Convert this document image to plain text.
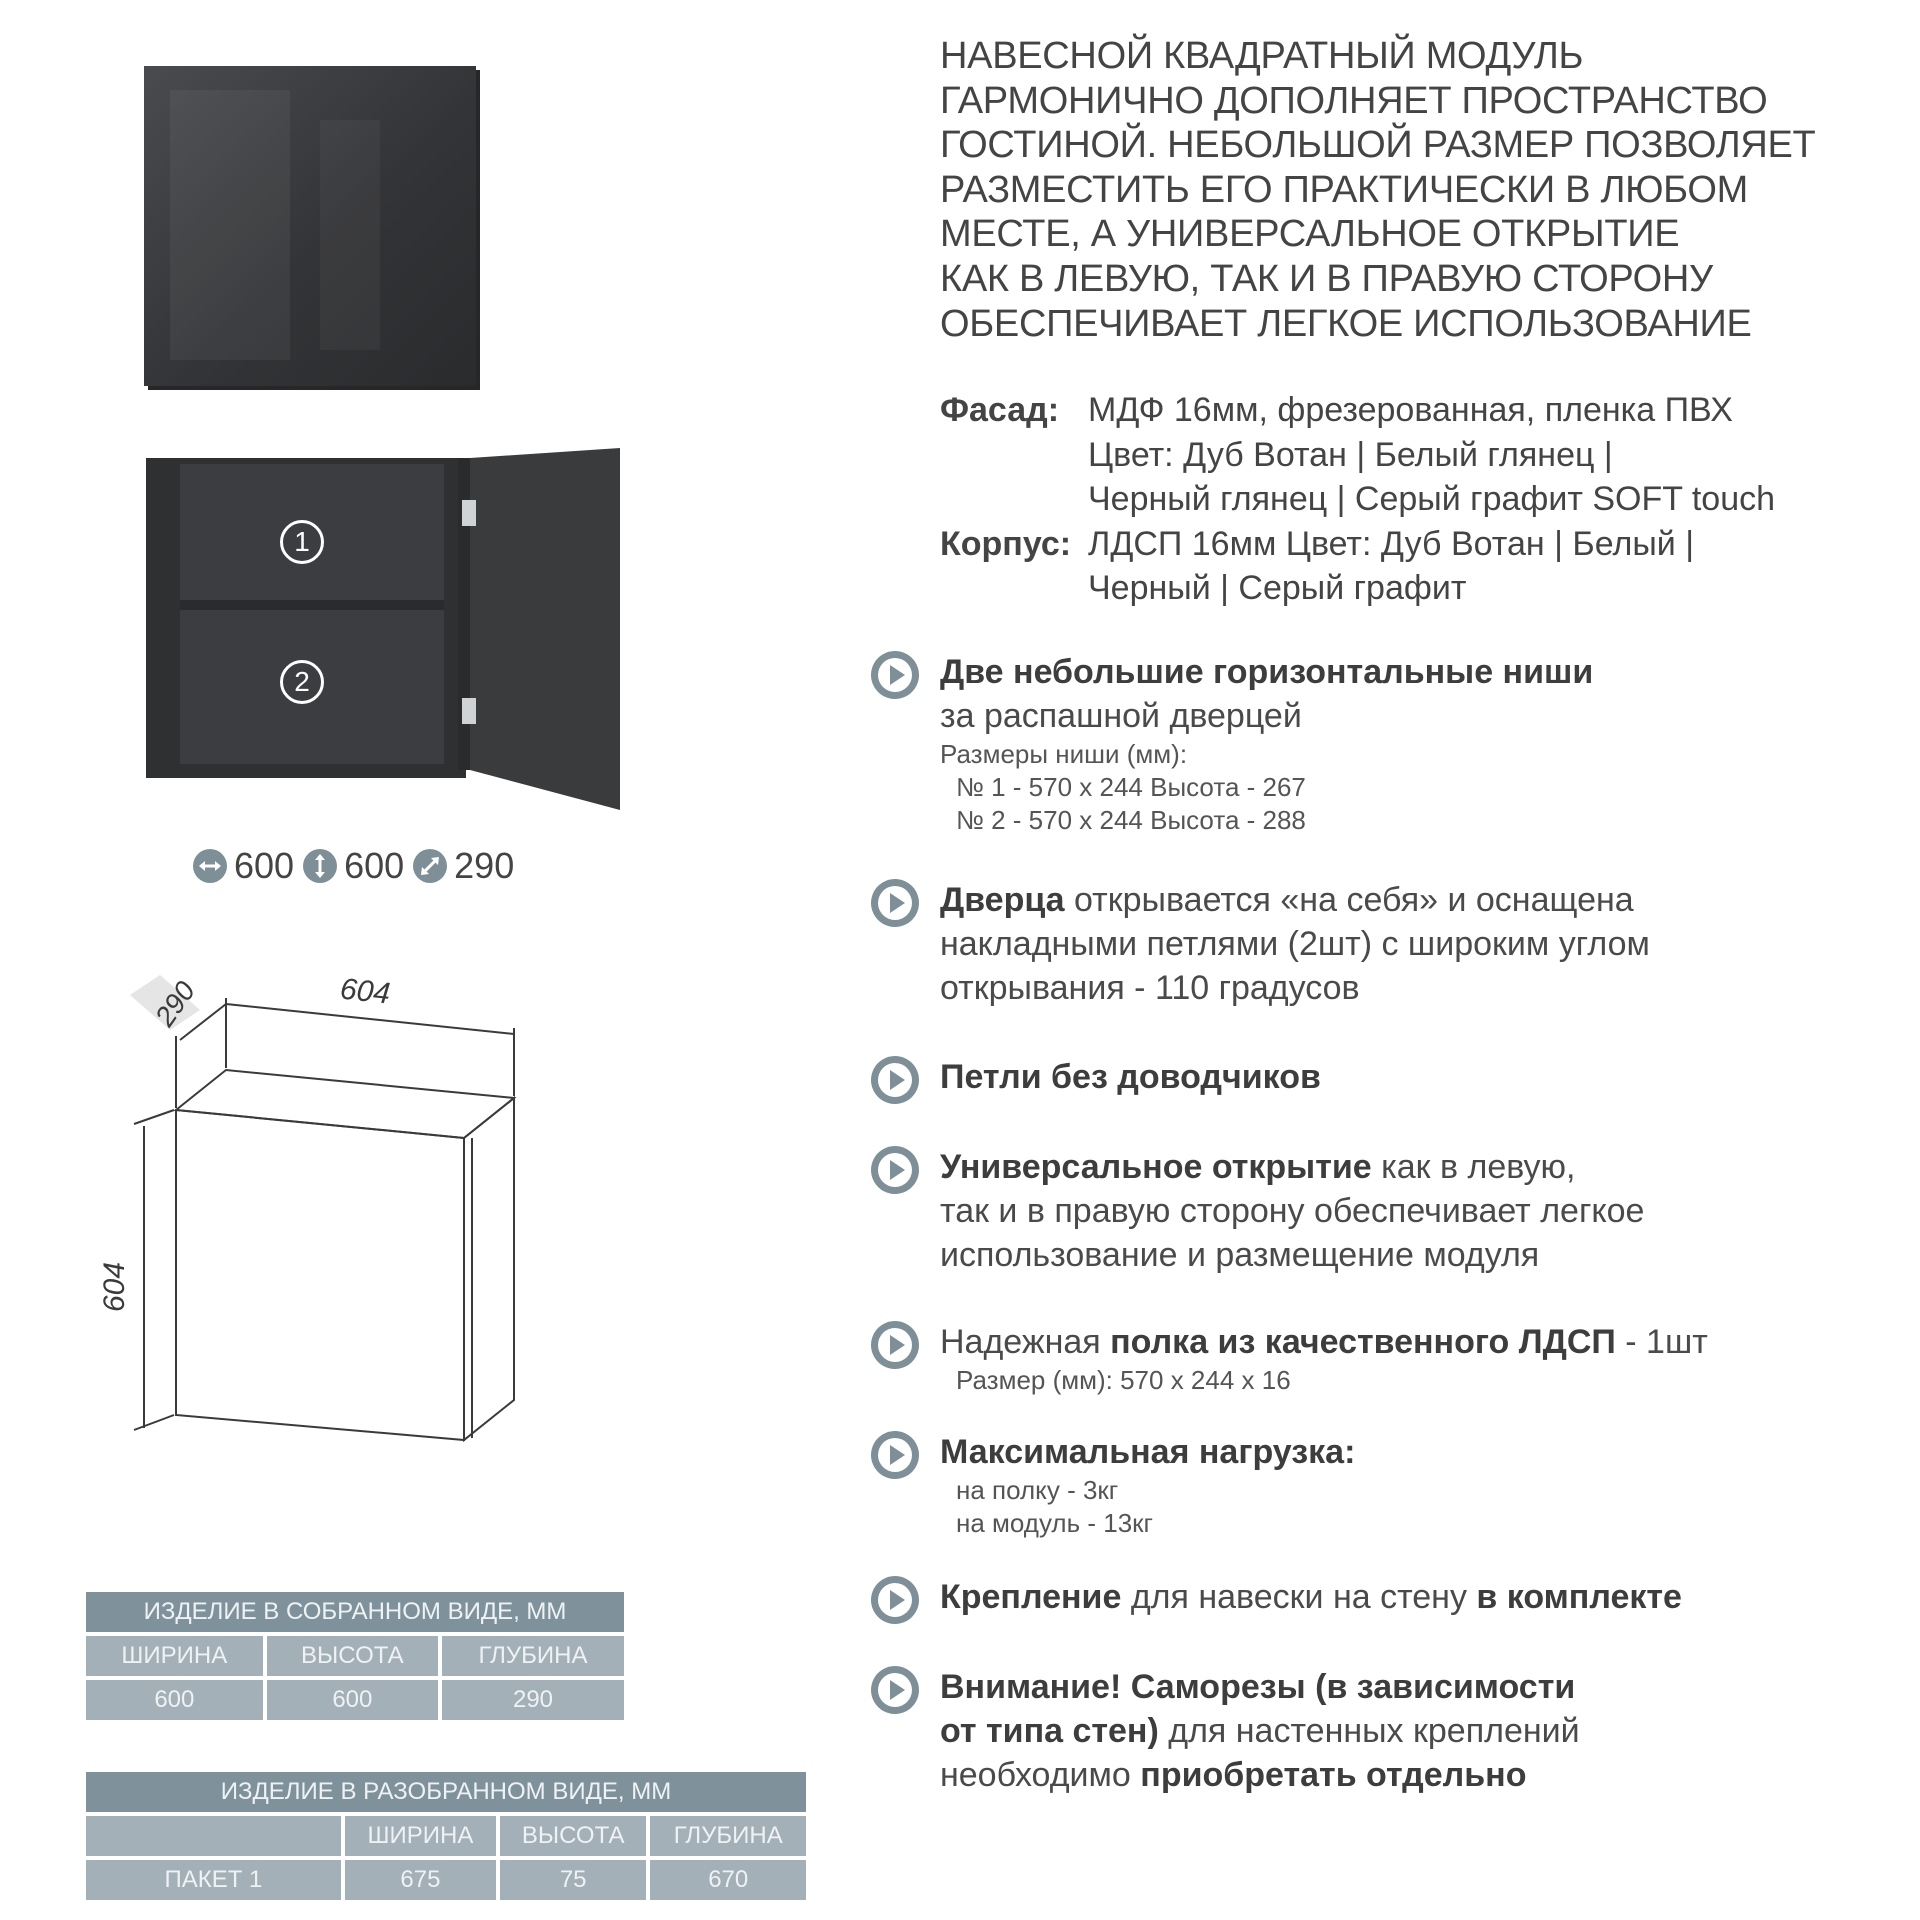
1
2
600 600 290
604
290
604
ИЗДЕЛИЕ В СОБРАННОМ ВИДЕ, ММ		
ШИРИНА	ВЫСОТА	ГЛУБИНА
600	600	290
ИЗДЕЛИЕ В РАЗОБРАННОМ ВИДЕ, ММ			
	ШИРИНА	ВЫСОТА	ГЛУБИНА
ПАКЕТ 1	675	75	670
НАВЕСНОЙ КВАДРАТНЫЙ МОДУЛЬ
ГАРМОНИЧНО ДОПОЛНЯЕТ ПРОСТРАНСТВО
ГОСТИНОЙ. НЕБОЛЬШОЙ РАЗМЕР ПОЗВОЛЯЕТ
РАЗМЕСТИТЬ ЕГО ПРАКТИЧЕСКИ В ЛЮБОМ
МЕСТЕ, А УНИВЕРСАЛЬНОЕ ОТКРЫТИЕ
КАК В ЛЕВУЮ, ТАК И В ПРАВУЮ СТОРОНУ
ОБЕСПЕЧИВАЕТ ЛЕГКОЕ ИСПОЛЬЗОВАНИЕ
Фасад: МДФ 16мм, фрезерованная, пленка ПВХ
Цвет: Дуб Вотан | Белый глянец |
Черный глянец | Серый графит SOFT touch
Корпус: ЛДСП 16мм Цвет: Дуб Вотан | Белый |
Черный | Серый графит
Две небольшие горизонтальные ниши
за распашной дверцей
Размеры ниши (мм):
№ 1 - 570 х 244 Высота - 267
№ 2 - 570 х 244 Высота - 288
Дверца открывается «на себя» и оснащена
накладными петлями (2шт) с широким углом
открывания - 110 градусов
Петли без доводчиков
Универсальное открытие как в левую,
так и в правую сторону обеспечивает легкое
использование и размещение модуля
Надежная полка из качественного ЛДСП - 1шт
Размер (мм): 570 х 244 х 16
Максимальная нагрузка:
на полку - 3кг
на модуль - 13кг
Крепление для навески на стену в комплекте
Внимание! Саморезы (в зависимости
от типа стен) для настенных креплений
необходимо приобретать отдельно
